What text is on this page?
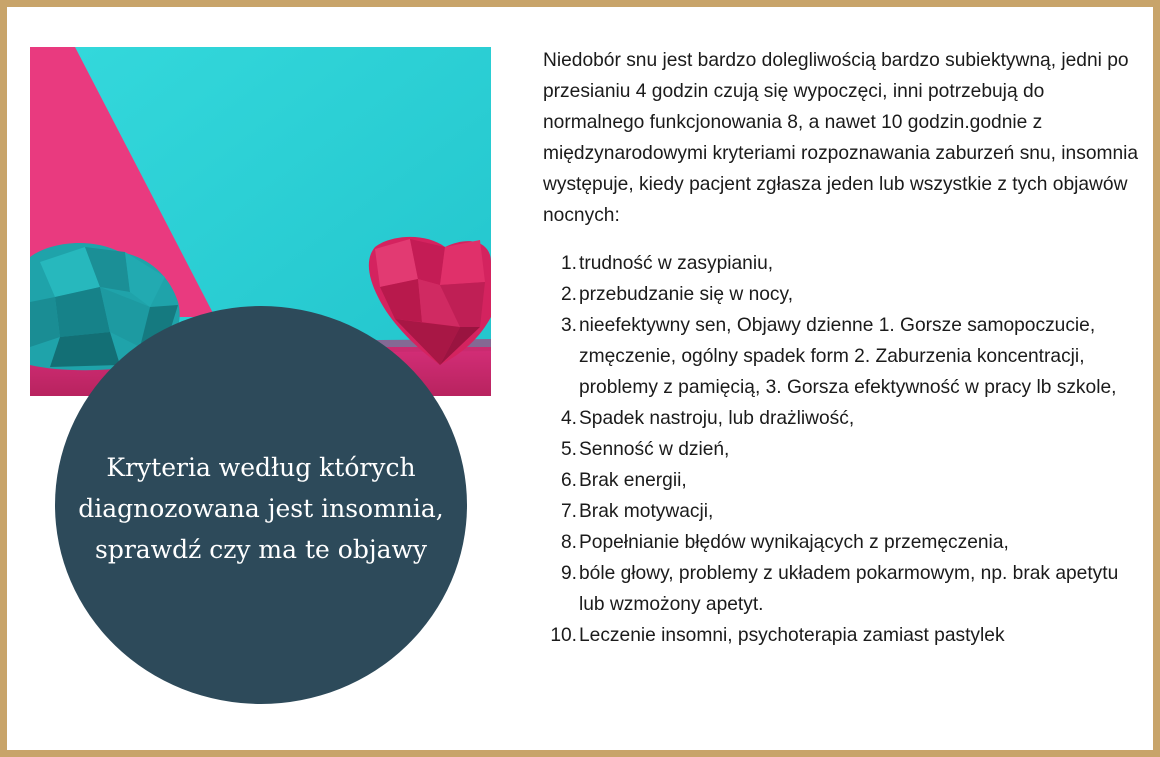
Kryteria według których diagnozowana jest insomnia, sprawdź czy ma te objawy

Niedobór snu jest bardzo dolegliwością bardzo subiektywną, jedni po przesianiu 4 godzin czują się wypoczęci, inni potrzebują do normalnego funkcjonowania 8, a nawet 10 godzin.godnie z międzynarodowymi kryteriami rozpoznawania zaburzeń snu, insomnia występuje, kiedy pacjent zgłasza jeden lub wszystkie z tych objawów nocnych:

1. trudność w zasypianiu,
2. przebudzanie się w nocy,
3. nieefektywny sen, Objawy dzienne 1. Gorsze samopoczucie, zmęczenie, ogólny spadek form 2. Zaburzenia koncentracji, problemy z pamięcią, 3. Gorsza efektywność w pracy lb szkole,
4. Spadek nastroju, lub drażliwość,
5. Senność w dzień,
6. Brak energii,
7. Brak motywacji,
8. Popełnianie błędów wynikających z przemęczenia,
9. bóle głowy, problemy z układem pokarmowym, np. brak apetytu lub wzmożony apetyt.
10. Leczenie insomni, psychoterapia zamiast pastylek
